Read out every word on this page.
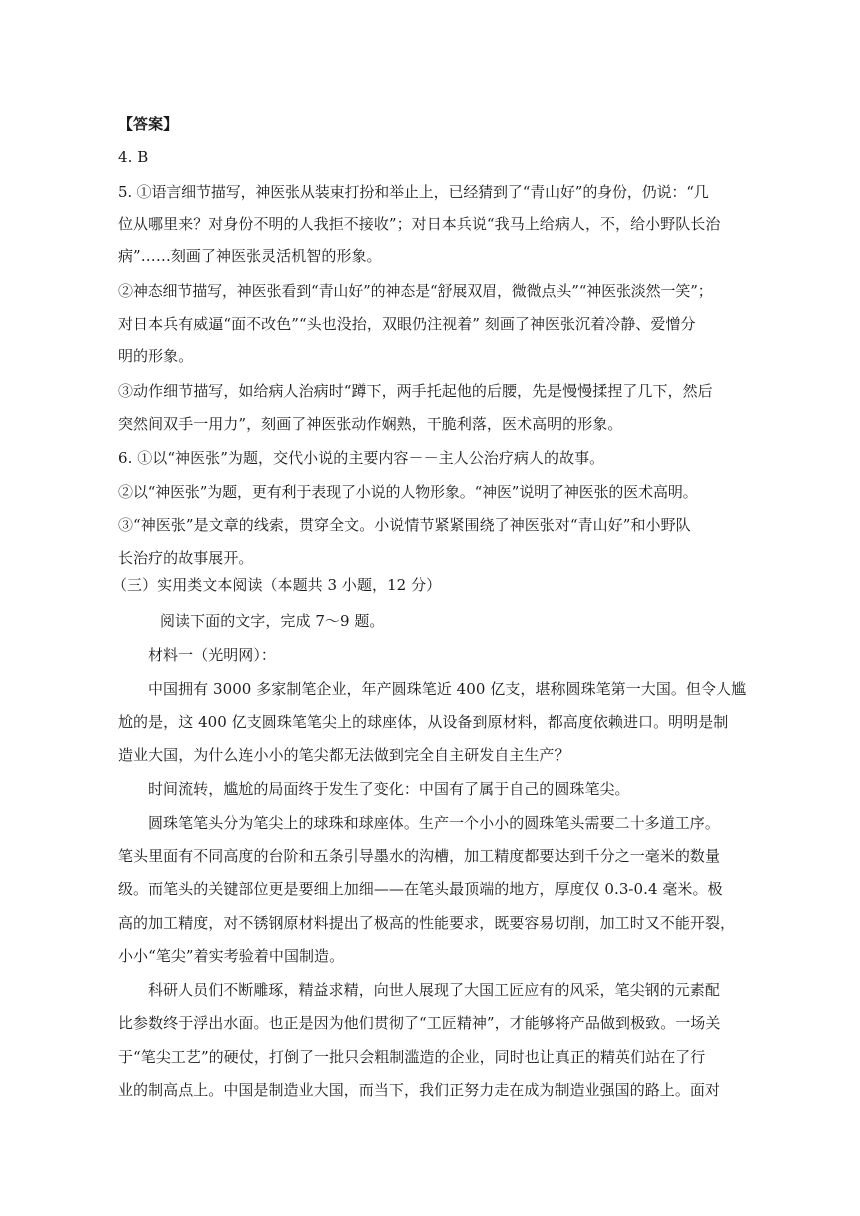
【答案】
4. B
5. ①语言细节描写，神医张从装束打扮和举止上，已经猜到了“青山好”的身份，仍说：“几
位从哪里来？对身份不明的人我拒不接收”；对日本兵说“我马上给病人，不，给小野队长治
病”……刻画了神医张灵活机智的形象。
②神态细节描写，神医张看到“青山好”的神态是“舒展双眉，微微点头”“神医张淡然一笑”；
对日本兵有威逼“面不改色”“头也没抬，双眼仍注视着” 刻画了神医张沉着冷静、爱憎分
明的形象。
③动作细节描写，如给病人治病时“蹲下，两手托起他的后腰，先是慢慢揉捏了几下，然后
突然间双手一用力”，刻画了神医张动作娴熟，干脆利落，医术高明的形象。
6. ①以“神医张”为题，交代小说的主要内容－－主人公治疗病人的故事。
②以“神医张”为题，更有利于表现了小说的人物形象。“神医”说明了神医张的医术高明。
③“神医张”是文章的线索，贯穿全文。小说情节紧紧围绕了神医张对“青山好”和小野队
长治疗的故事展开。
（三）实用类文本阅读（本题共 3 小题，12 分）
阅读下面的文字，完成 7～9 题。
材料一（光明网）：
中国拥有 3000 多家制笔企业，年产圆珠笔近 400 亿支，堪称圆珠笔第一大国。但令人尴
尬的是，这 400 亿支圆珠笔笔尖上的球座体，从设备到原材料，都高度依赖进口。明明是制
造业大国，为什么连小小的笔尖都无法做到完全自主研发自主生产？
时间流转，尴尬的局面终于发生了变化：中国有了属于自己的圆珠笔尖。
圆珠笔笔头分为笔尖上的球珠和球座体。生产一个小小的圆珠笔头需要二十多道工序。
笔头里面有不同高度的台阶和五条引导墨水的沟槽，加工精度都要达到千分之一毫米的数量
级。而笔头的关键部位更是要细上加细——在笔头最顶端的地方，厚度仅 0.3-0.4 毫米。极
高的加工精度，对不锈钢原材料提出了极高的性能要求，既要容易切削，加工时又不能开裂，
小小“笔尖”着实考验着中国制造。
科研人员们不断雕琢，精益求精，向世人展现了大国工匠应有的风采，笔尖钢的元素配
比参数终于浮出水面。也正是因为他们贯彻了“工匠精神”，才能够将产品做到极致。一场关
于“笔尖工艺”的硬仗，打倒了一批只会粗制滥造的企业，同时也让真正的精英们站在了行
业的制高点上。中国是制造业大国，而当下，我们正努力走在成为制造业强国的路上。面对
